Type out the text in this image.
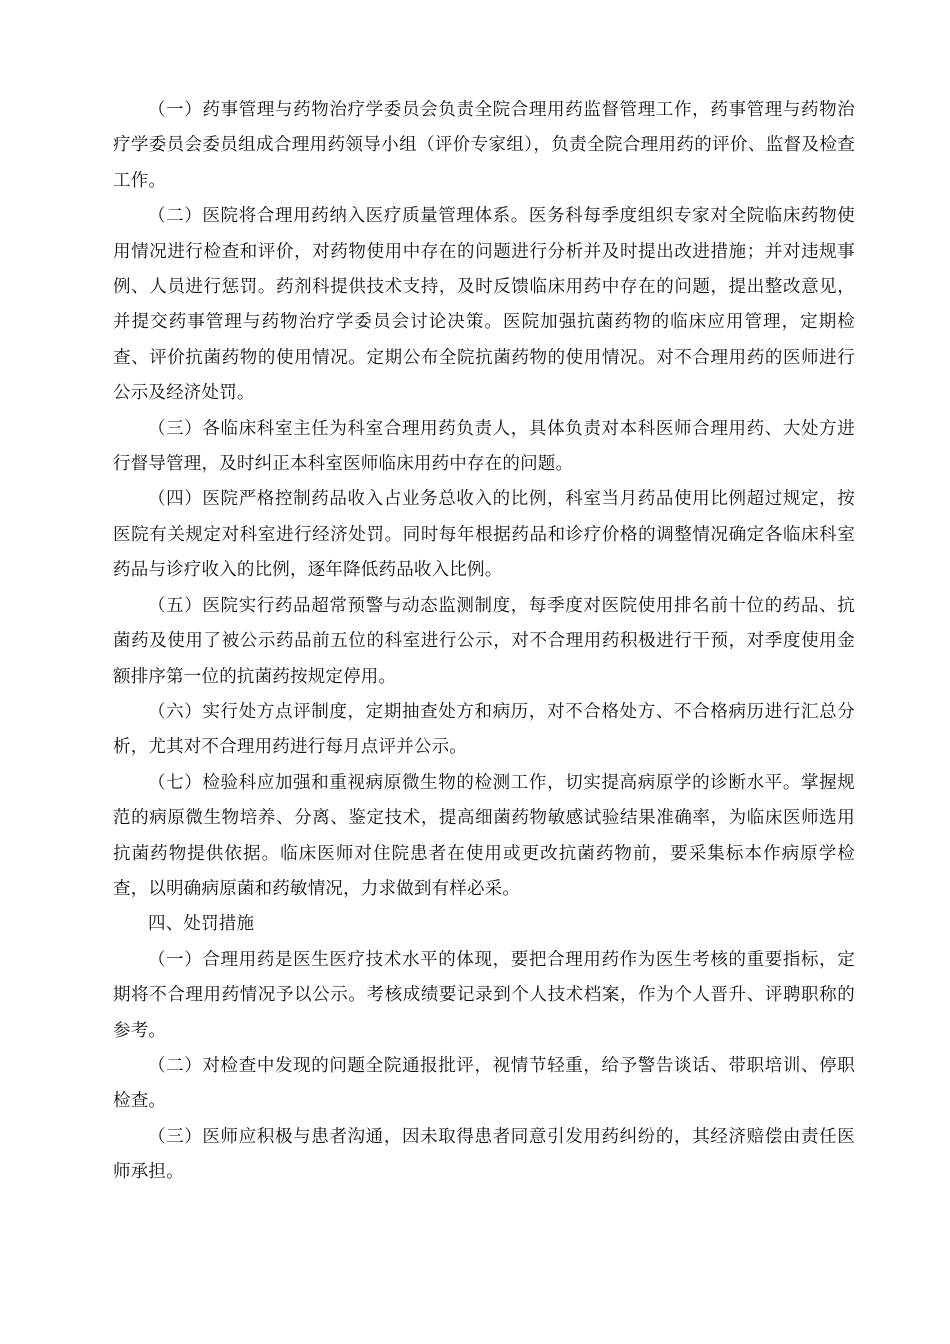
（一）药事管理与药物治疗学委员会负责全院合理用药监督管理工作，药事管理与药物治疗学委员会委员组成合理用药领导小组（评价专家组），负责全院合理用药的评价、监督及检查工作。

（二）医院将合理用药纳入医疗质量管理体系。医务科每季度组织专家对全院临床药物使用情况进行检查和评价，对药物使用中存在的问题进行分析并及时提出改进措施；并对违规事例、人员进行惩罚。药剂科提供技术支持，及时反馈临床用药中存在的问题，提出整改意见，并提交药事管理与药物治疗学委员会讨论决策。医院加强抗菌药物的临床应用管理，定期检查、评价抗菌药物的使用情况。定期公布全院抗菌药物的使用情况。对不合理用药的医师进行公示及经济处罚。

（三）各临床科室主任为科室合理用药负责人，具体负责对本科医师合理用药、大处方进行督导管理，及时纠正本科室医师临床用药中存在的问题。

（四）医院严格控制药品收入占业务总收入的比例，科室当月药品使用比例超过规定，按医院有关规定对科室进行经济处罚。同时每年根据药品和诊疗价格的调整情况确定各临床科室药品与诊疗收入的比例，逐年降低药品收入比例。

（五）医院实行药品超常预警与动态监测制度，每季度对医院使用排名前十位的药品、抗菌药及使用了被公示药品前五位的科室进行公示，对不合理用药积极进行干预，对季度使用金额排序第一位的抗菌药按规定停用。

（六）实行处方点评制度，定期抽查处方和病历，对不合格处方、不合格病历进行汇总分析，尤其对不合理用药进行每月点评并公示。

（七）检验科应加强和重视病原微生物的检测工作，切实提高病原学的诊断水平。掌握规范的病原微生物培养、分离、鉴定技术，提高细菌药物敏感试验结果准确率，为临床医师选用抗菌药物提供依据。临床医师对住院患者在使用或更改抗菌药物前，要采集标本作病原学检查，以明确病原菌和药敏情况，力求做到有样必采。

四、处罚措施

（一）合理用药是医生医疗技术水平的体现，要把合理用药作为医生考核的重要指标，定期将不合理用药情况予以公示。考核成绩要记录到个人技术档案，作为个人晋升、评聘职称的参考。

（二）对检查中发现的问题全院通报批评，视情节轻重，给予警告谈话、带职培训、停职检查。

（三）医师应积极与患者沟通，因未取得患者同意引发用药纠纷的，其经济赔偿由责任医师承担。
